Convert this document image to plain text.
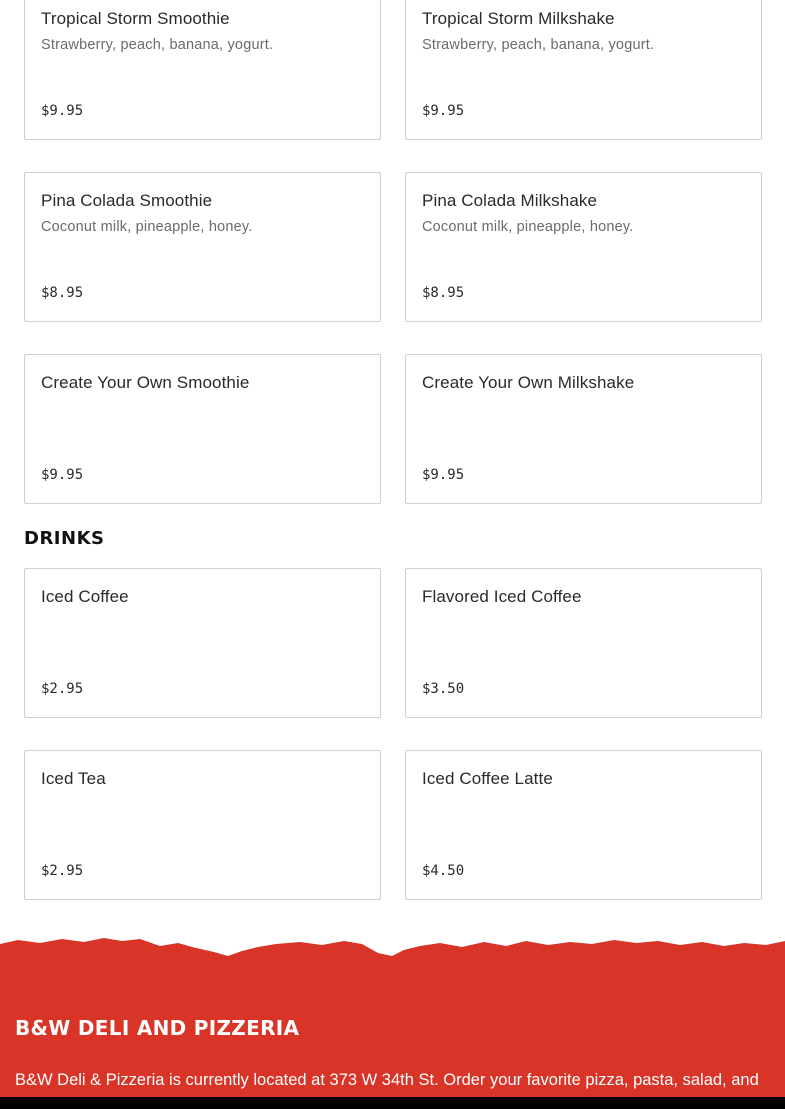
Tropical Storm Smoothie
Strawberry, peach, banana, yogurt.
$9.95
Tropical Storm Milkshake
Strawberry, peach, banana, yogurt.
$9.95
Pina Colada Smoothie
Coconut milk, pineapple, honey.
$8.95
Pina Colada Milkshake
Coconut milk, pineapple, honey.
$8.95
Create Your Own Smoothie
$9.95
Create Your Own Milkshake
$9.95
DRINKS
Iced Coffee
$2.95
Flavored Iced Coffee
$3.50
Iced Tea
$2.95
Iced Coffee Latte
$4.50
B&W DELI AND PIZZERIA

B&W Deli & Pizzeria is currently located at 373 W 34th St. Order your favorite pizza, pasta, salad, and
